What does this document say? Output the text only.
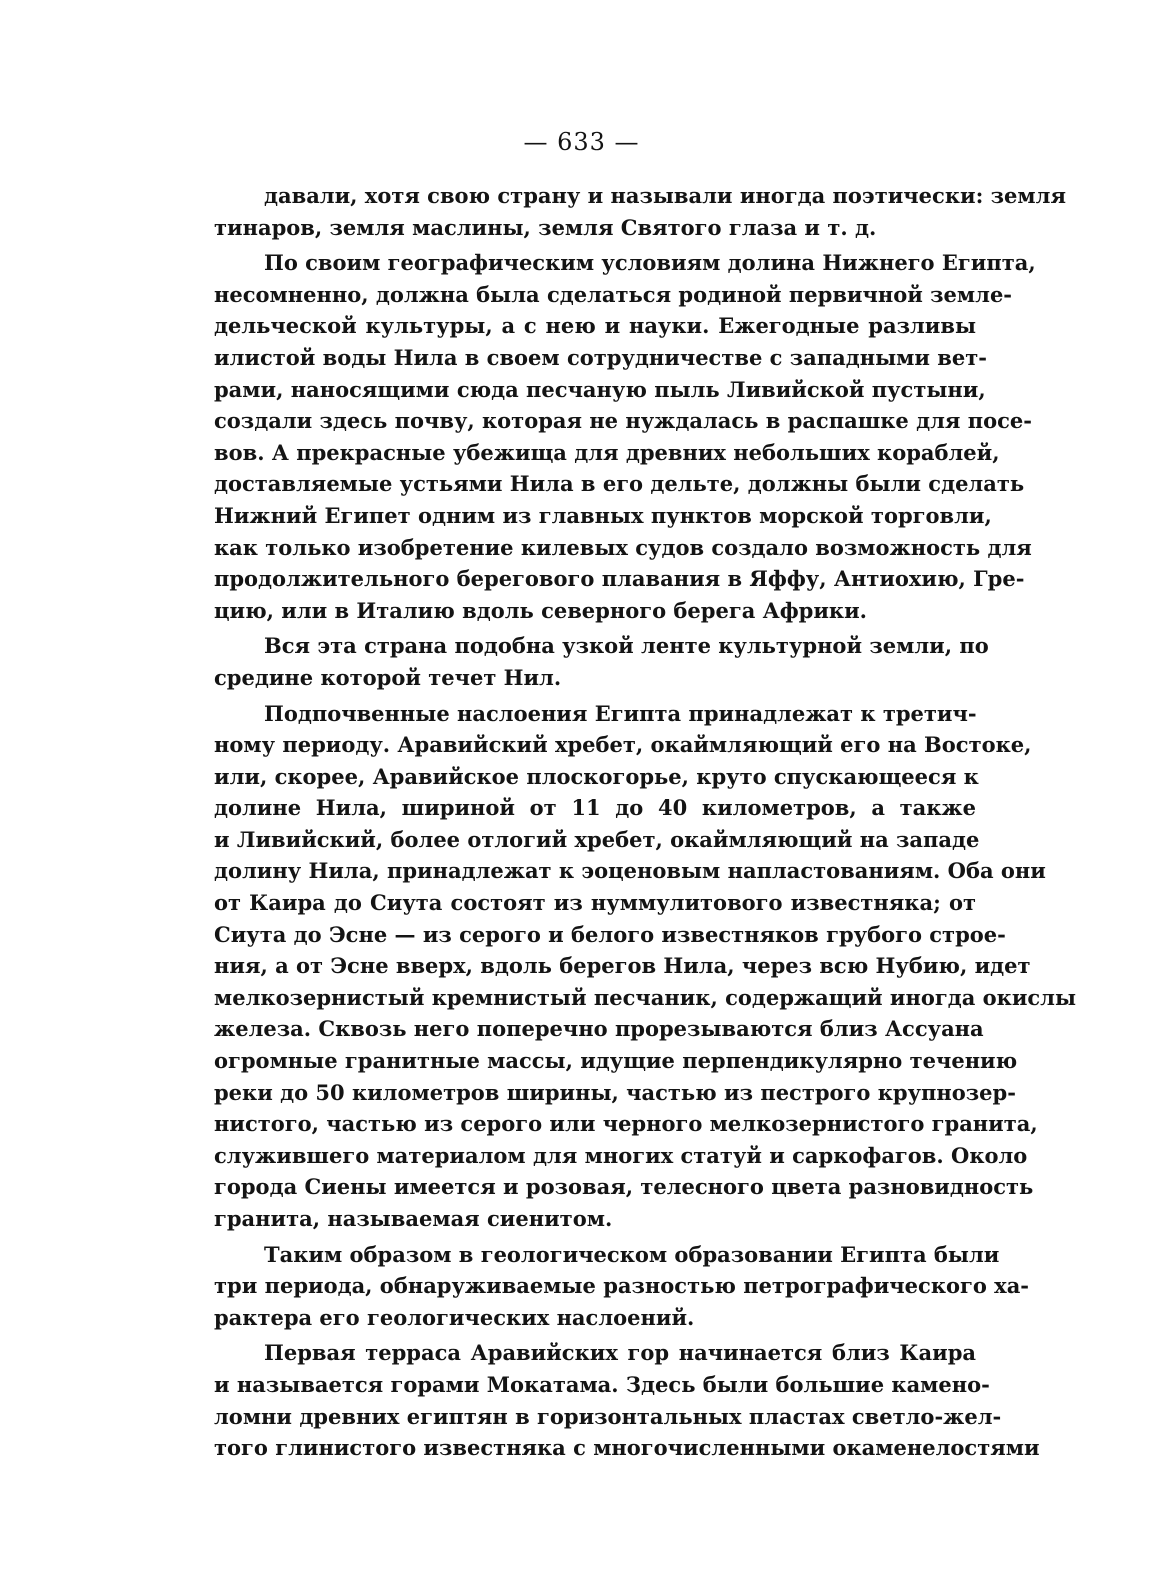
— 633 —
давали, хотя свою страну и называли иногда поэтически: земля
тинаров, земля маслины, земля Святого глаза и т. д.
По своим географическим условиям долина Нижнего Египта,
несомненно, должна была сделаться родиной первичной земле-
дельческой культуры, а с нею и науки. Ежегодные разливы
илистой воды Нила в своем сотрудничестве с западными вет-
рами, наносящими сюда песчаную пыль Ливийской пустыни,
создали здесь почву, которая не нуждалась в распашке для посе-
вов. А прекрасные убежища для древних небольших кораблей,
доставляемые устьями Нила в его дельте, должны были сделать
Нижний Египет одним из главных пунктов морской торговли,
как только изобретение килевых судов создало возможность для
продолжительного берегового плавания в Яффу, Антиохию, Гре-
цию, или в Италию вдоль северного берега Африки.
Вся эта страна подобна узкой ленте культурной земли, по
средине которой течет Нил.
Подпочвенные наслоения Египта принадлежат к третич-
ному периоду. Аравийский хребет, окаймляющий его на Востоке,
или, скорее, Аравийское плоскогорье, круто спускающееся к
долине Нила, шириной от 11 до 40 километров, а также
и Ливийский, более отлогий хребет, окаймляющий на западе
долину Нила, принадлежат к эоценовым напластованиям. Оба они
от Каира до Сиута состоят из нуммулитового известняка; от
Сиута до Эсне — из серого и белого известняков грубого строе-
ния, а от Эсне вверх, вдоль берегов Нила, через всю Нубию, идет
мелкозернистый кремнистый песчаник, содержащий иногда окислы
железа. Сквозь него поперечно прорезываются близ Ассуана
огромные гранитные массы, идущие перпендикулярно течению
реки до 50 километров ширины, частью из пестрого крупнозер-
нистого, частью из серого или черного мелкозернистого гранита,
служившего материалом для многих статуй и саркофагов. Около
города Сиены имеется и розовая, телесного цвета разновидность
гранита, называемая сиенитом.
Таким образом в геологическом образовании Египта были
три периода, обнаруживаемые разностью петрографического ха-
рактера его геологических наслоений.
Первая терраса Аравийских гор начинается близ Каира
и называется горами Мокатама. Здесь были большие камено-
ломни древних египтян в горизонтальных пластах светло-жел-
того глинистого известняка с многочисленными окаменелостями
